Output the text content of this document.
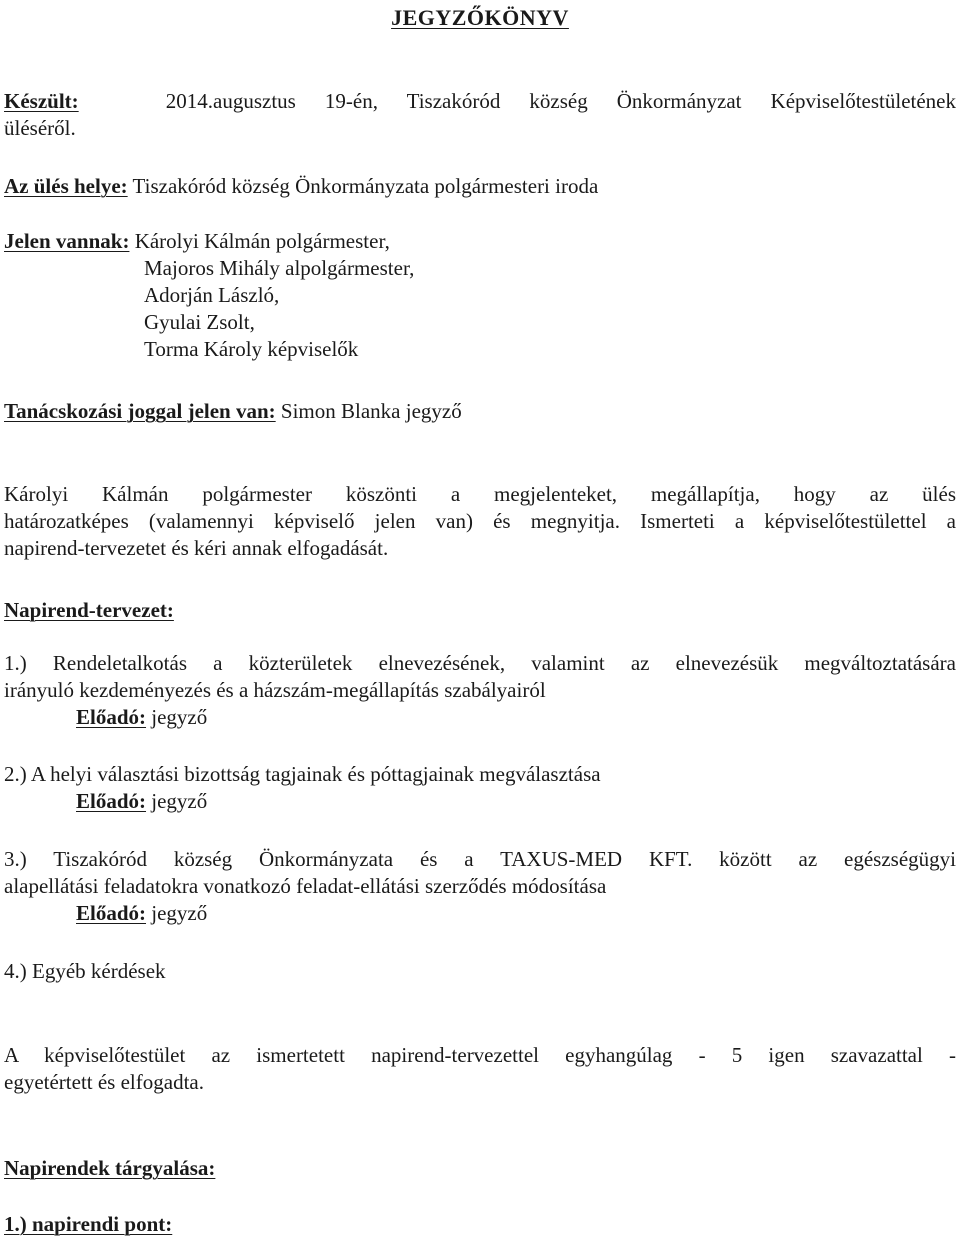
JEGYZŐKÖNYV
Készült:	2014.augusztus 19-én, Tiszakóród község Önkormányzat Képviselőtestületének
üléséről.
Az ülés helye: Tiszakóród község Önkormányzata polgármesteri iroda
Jelen vannak: Károlyi Kálmán polgármester,
Majoros Mihály alpolgármester,
Adorján László,
Gyulai Zsolt,
Torma Károly képviselők
Tanácskozási joggal jelen van: Simon Blanka jegyző
Károlyi Kálmán polgármester köszönti a megjelenteket, megállapítja, hogy az ülés
határozatképes (valamennyi képviselő jelen van) és megnyitja. Ismerteti a képviselőtestülettel a
napirend-tervezetet és kéri annak elfogadását.
Napirend-tervezet:
1.) Rendeletalkotás a közterületek elnevezésének, valamint az elnevezésük megváltoztatására
irányuló kezdeményezés és a házszám-megállapítás szabályairól
Előadó: jegyző
2.) A helyi választási bizottság tagjainak és póttagjainak megválasztása
Előadó: jegyző
3.) Tiszakóród község Önkormányzata és a TAXUS-MED KFT. között az egészségügyi
alapellátási feladatokra vonatkozó feladat-ellátási szerződés módosítása
Előadó: jegyző
4.) Egyéb kérdések
A képviselőtestület az ismertetett napirend-tervezettel egyhangúlag - 5 igen szavazattal -
egyetértett és elfogadta.
Napirendek tárgyalása:
1.) napirendi pont:
